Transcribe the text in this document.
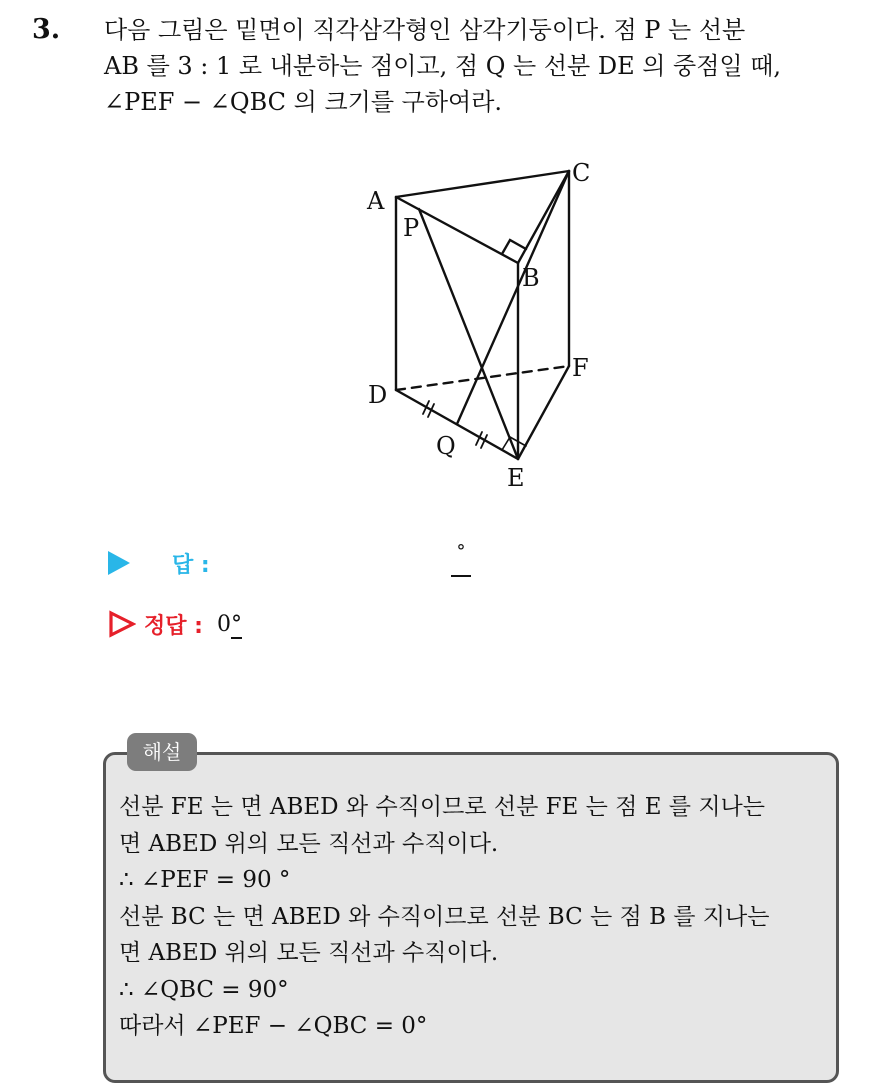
3. 다음 그림은 밑면이 직각삼각형인 삼각기둥이다. 점 P 는 선분
AB 를 3 : 1 로 내분하는 점이고, 점 Q 는 선분 DE 의 중점일 때,
∠PEF − ∠QBC 의 크기를 구하여라.
A
P
C
B
F
D
Q
E
답 :
°
정답 : 0°
해설
선분 FE 는 면 ABED 와 수직이므로 선분 FE 는 점 E 를 지나는
면 ABED 위의 모든 직선과 수직이다.
∴ ∠PEF = 90 °
선분 BC 는 면 ABED 와 수직이므로 선분 BC 는 점 B 를 지나는
면 ABED 위의 모든 직선과 수직이다.
∴ ∠QBC = 90°
따라서 ∠PEF − ∠QBC = 0°
